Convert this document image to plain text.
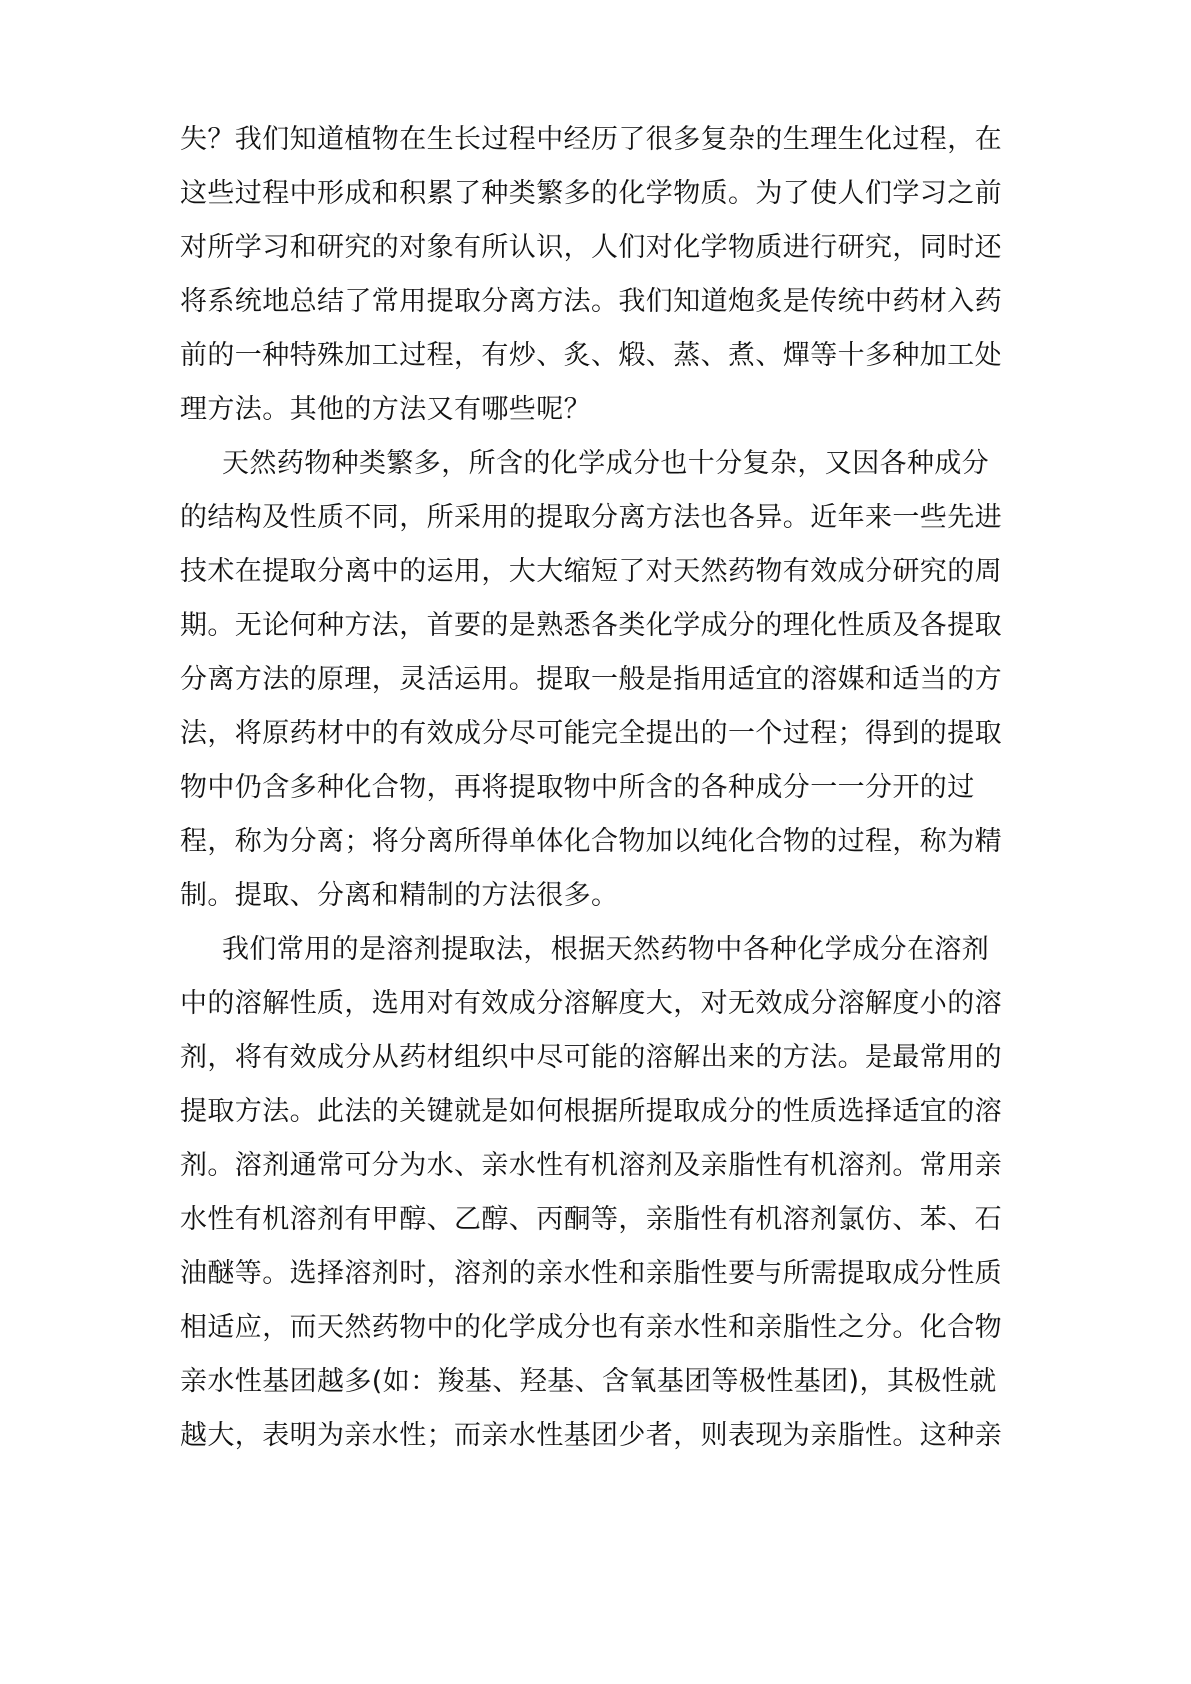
失？我们知道植物在生长过程中经历了很多复杂的生理生化过程，在
这些过程中形成和积累了种类繁多的化学物质。为了使人们学习之前
对所学习和研究的对象有所认识，人们对化学物质进行研究，同时还
将系统地总结了常用提取分离方法。我们知道炮炙是传统中药材入药
前的一种特殊加工过程，有炒、炙、煅、蒸、煮、燀等十多种加工处
理方法。其他的方法又有哪些呢？
天然药物种类繁多，所含的化学成分也十分复杂，又因各种成分
的结构及性质不同，所采用的提取分离方法也各异。近年来一些先进
技术在提取分离中的运用，大大缩短了对天然药物有效成分研究的周
期。无论何种方法，首要的是熟悉各类化学成分的理化性质及各提取
分离方法的原理，灵活运用。提取一般是指用适宜的溶媒和适当的方
法，将原药材中的有效成分尽可能完全提出的一个过程；得到的提取
物中仍含多种化合物，再将提取物中所含的各种成分一一分开的过
程，称为分离；将分离所得单体化合物加以纯化合物的过程，称为精
制。提取、分离和精制的方法很多。
我们常用的是溶剂提取法，根据天然药物中各种化学成分在溶剂
中的溶解性质，选用对有效成分溶解度大，对无效成分溶解度小的溶
剂，将有效成分从药材组织中尽可能的溶解出来的方法。是最常用的
提取方法。此法的关键就是如何根据所提取成分的性质选择适宜的溶
剂。溶剂通常可分为水、亲水性有机溶剂及亲脂性有机溶剂。常用亲
水性有机溶剂有甲醇、乙醇、丙酮等，亲脂性有机溶剂氯仿、苯、石
油醚等。选择溶剂时，溶剂的亲水性和亲脂性要与所需提取成分性质
相适应，而天然药物中的化学成分也有亲水性和亲脂性之分。化合物
亲水性基团越多(如：羧基、羟基、含氧基团等极性基团)，其极性就
越大，表明为亲水性；而亲水性基团少者，则表现为亲脂性。这种亲
